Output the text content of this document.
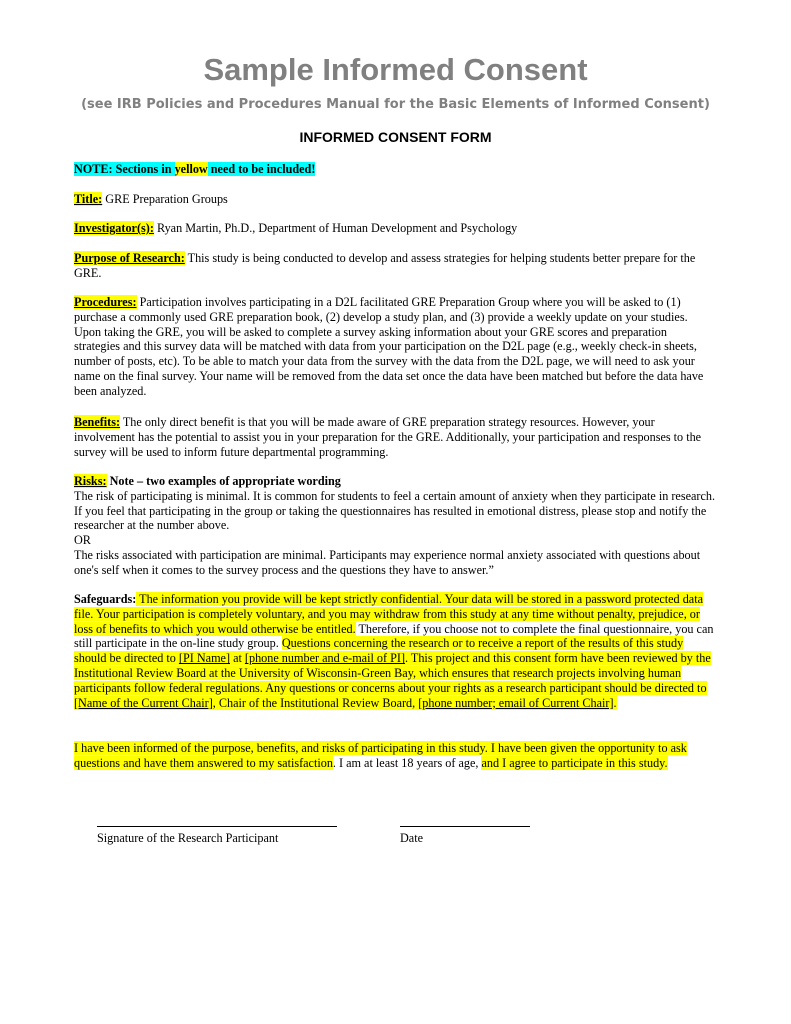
Sample Informed Consent

(see IRB Policies and Procedures Manual for the Basic Elements of Informed Consent)

INFORMED CONSENT FORM

NOTE: Sections in yellow need to be included!

Title: GRE Preparation Groups

Investigator(s): Ryan Martin, Ph.D., Department of Human Development and Psychology

Purpose of Research: This study is being conducted to develop and assess strategies for helping students better prepare for the GRE.

Procedures: Participation involves participating in a D2L facilitated GRE Preparation Group where you will be asked to (1) purchase a commonly used GRE preparation book, (2) develop a study plan, and (3) provide a weekly update on your studies. Upon taking the GRE, you will be asked to complete a survey asking information about your GRE scores and preparation strategies and this survey data will be matched with data from your participation on the D2L page (e.g., weekly check-in sheets, number of posts, etc). To be able to match your data from the survey with the data from the D2L page, we will need to ask your name on the final survey. Your name will be removed from the data set once the data have been matched but before the data have been analyzed.

Benefits: The only direct benefit is that you will be made aware of GRE preparation strategy resources. However, your involvement has the potential to assist you in your preparation for the GRE. Additionally, your participation and responses to the survey will be used to inform future departmental programming.

Risks: Note – two examples of appropriate wording

The risk of participating is minimal. It is common for students to feel a certain amount of anxiety when they participate in research. If you feel that participating in the group or taking the questionnaires has resulted in emotional distress, please stop and notify the researcher at the number above.

OR

The risks associated with participation are minimal. Participants may experience normal anxiety associated with questions about one's self when it comes to the survey process and the questions they have to answer.”

Safeguards: The information you provide will be kept strictly confidential. Your data will be stored in a password protected data file. Your participation is completely voluntary, and you may withdraw from this study at any time without penalty, prejudice, or loss of benefits to which you would otherwise be entitled. Therefore, if you choose not to complete the final questionnaire, you can still participate in the on-line study group. Questions concerning the research or to receive a report of the results of this study should be directed to [PI Name] at [phone number and e-mail of PI]. This project and this consent form have been reviewed by the Institutional Review Board at the University of Wisconsin-Green Bay, which ensures that research projects involving human participants follow federal regulations. Any questions or concerns about your rights as a research participant should be directed to [Name of the Current Chair], Chair of the Institutional Review Board, [phone number; email of Current Chair].

I have been informed of the purpose, benefits, and risks of participating in this study. I have been given the opportunity to ask questions and have them answered to my satisfaction. I am at least 18 years of age, and I agree to participate in this study.

Signature of the Research Participant	Date
